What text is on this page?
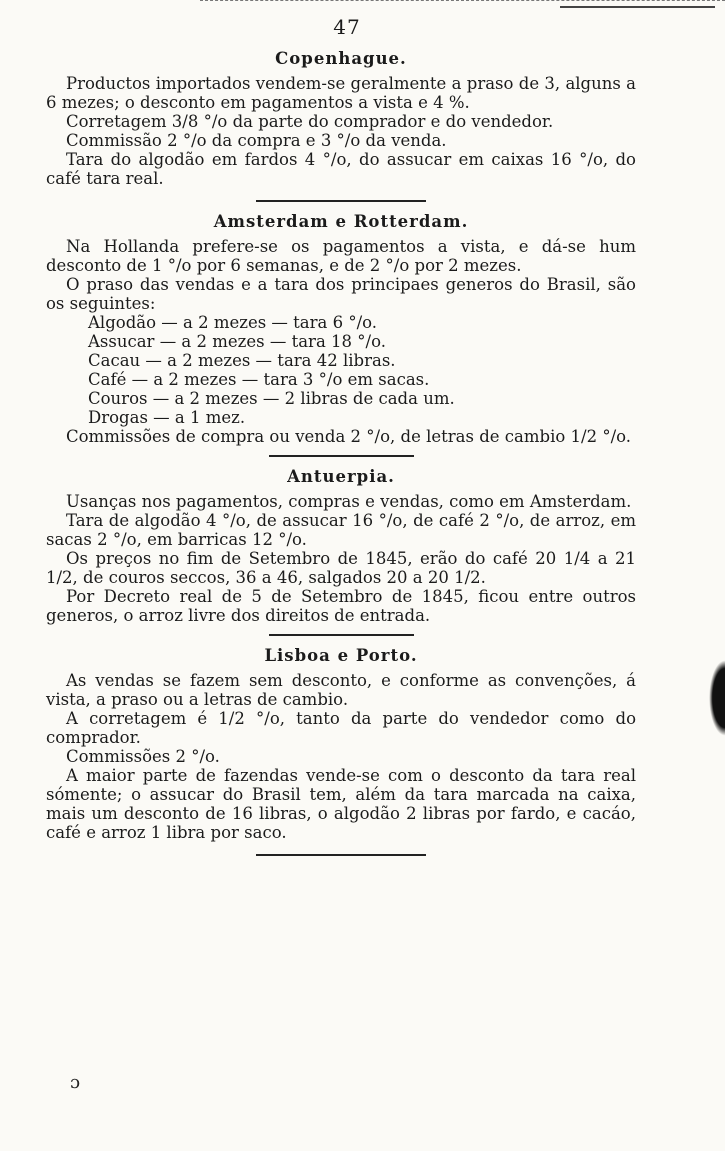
47
Copenhague.

Productos importados vendem-se geralmente a praso de 3, alguns a 6 mezes; o desconto em pagamentos a vista e 4 %.

Corretagem 3/8 °/o da parte do comprador e do vendedor.

Commissão 2 °/o da compra e 3 °/o da venda.

Tara do algodão em fardos 4 °/o, do assucar em caixas 16 °/o, do café tara real.

Amsterdam e Rotterdam.

Na Hollanda prefere-se os pagamentos a vista, e dá-se hum desconto de 1 °/o por 6 semanas, e de 2 °/o por 2 mezes.

O praso das vendas e a tara dos principaes generos do Brasil, são os seguintes:

Algodão — a 2 mezes — tara 6 °/o.
Assucar — a 2 mezes — tara 18 °/o.
Cacau — a 2 mezes — tara 42 libras.
Café — a 2 mezes — tara 3 °/o em sacas.
Couros — a 2 mezes — 2 libras de cada um.
Drogas — a 1 mez.

Commissões de compra ou venda 2 °/o, de letras de cambio 1/2 °/o.

Antuerpia.

Usanças nos pagamentos, compras e vendas, como em Amsterdam.

Tara de algodão 4 °/o, de assucar 16 °/o, de café 2 °/o, de arroz, em sacas 2 °/o, em barricas 12 °/o.

Os preços no fim de Setembro de 1845, erão do café 20 1/4 a 21 1/2, de couros seccos, 36 a 46, salgados 20 a 20 1/2.

Por Decreto real de 5 de Setembro de 1845, ficou entre outros generos, o arroz livre dos direitos de entrada.

Lisboa e Porto.

As vendas se fazem sem desconto, e conforme as convenções, á vista, a praso ou a letras de cambio.

A corretagem é 1/2 °/o, tanto da parte do vendedor como do comprador.

Commissões 2 °/o.

A maior parte de fazendas vende-se com o desconto da tara real sómente; o assucar do Brasil tem, além da tara marcada na caixa, mais um desconto de 16 libras, o algodão 2 libras por fardo, e cacáo, café e arroz 1 libra por saco.

ɔ
